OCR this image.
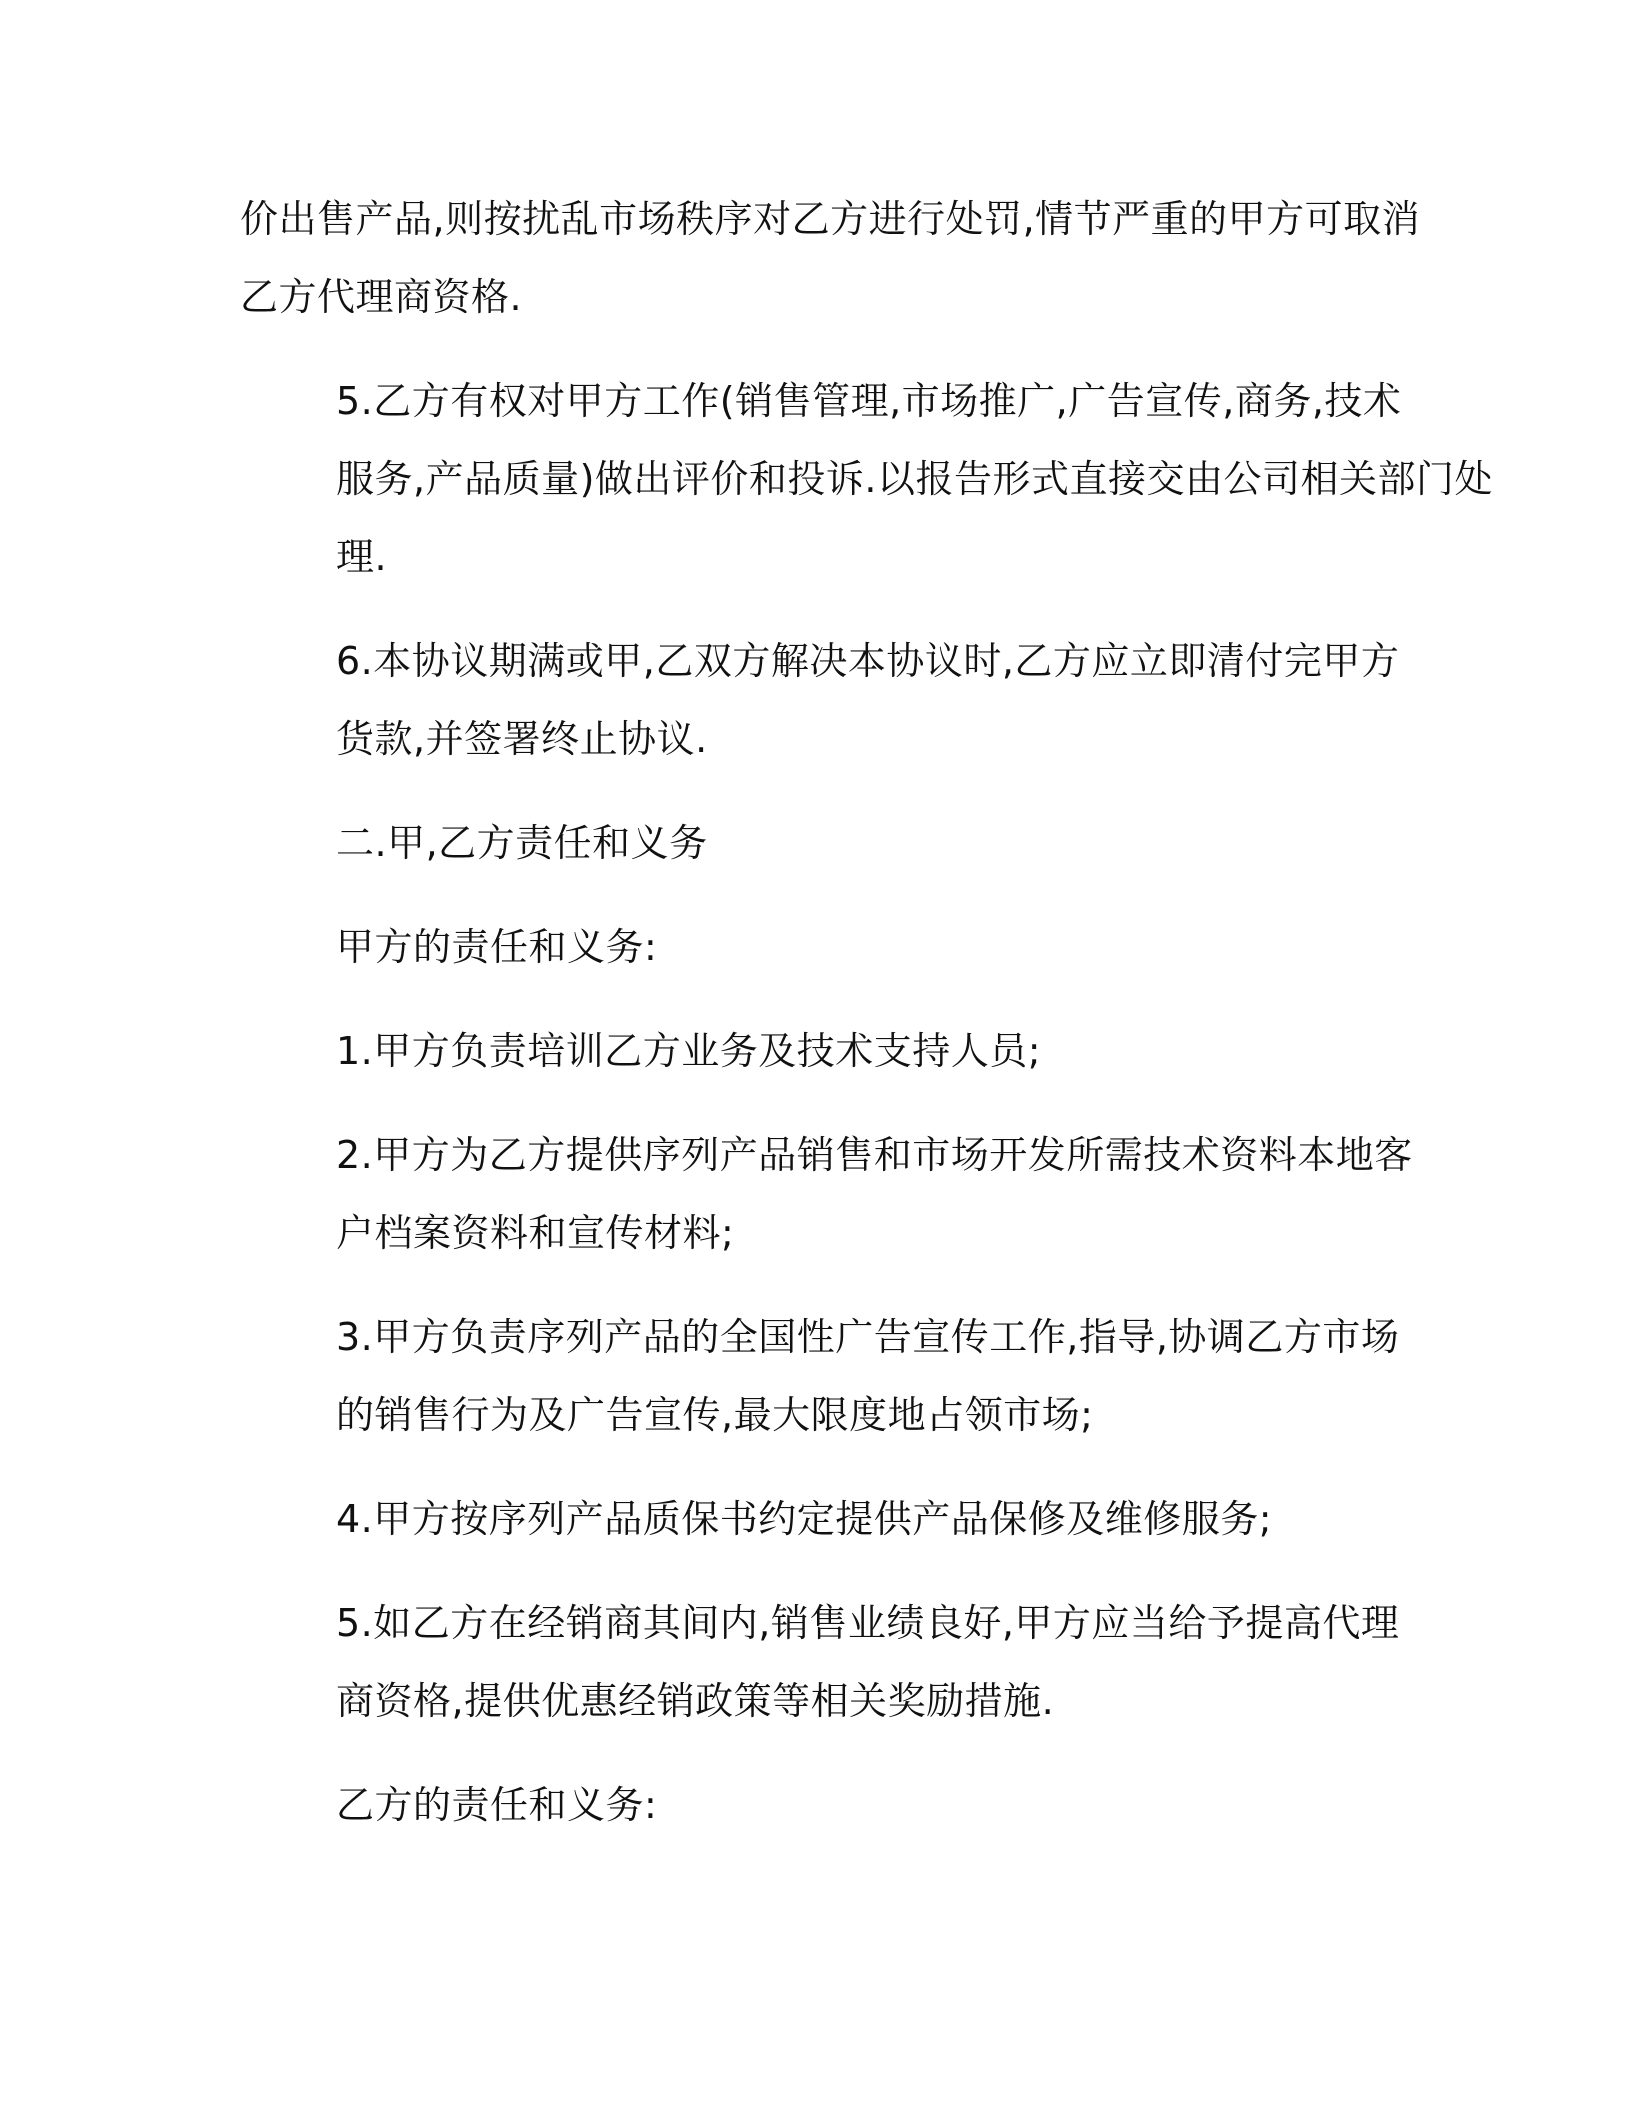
价出售产品,则按扰乱市场秩序对乙方进行处罚,情节严重的甲方可取消
乙方代理商资格.

5.乙方有权对甲方工作(销售管理,市场推广,广告宣传,商务,技术
服务,产品质量)做出评价和投诉.以报告形式直接交由公司相关部门处
理.

6.本协议期满或甲,乙双方解决本协议时,乙方应立即清付完甲方
货款,并签署终止协议.

二.甲,乙方责任和义务

甲方的责任和义务:

1.甲方负责培训乙方业务及技术支持人员;

2.甲方为乙方提供序列产品销售和市场开发所需技术资料本地客
户档案资料和宣传材料;

3.甲方负责序列产品的全国性广告宣传工作,指导,协调乙方市场
的销售行为及广告宣传,最大限度地占领市场;

4.甲方按序列产品质保书约定提供产品保修及维修服务;

5.如乙方在经销商其间内,销售业绩良好,甲方应当给予提高代理
商资格,提供优惠经销政策等相关奖励措施.

乙方的责任和义务:
